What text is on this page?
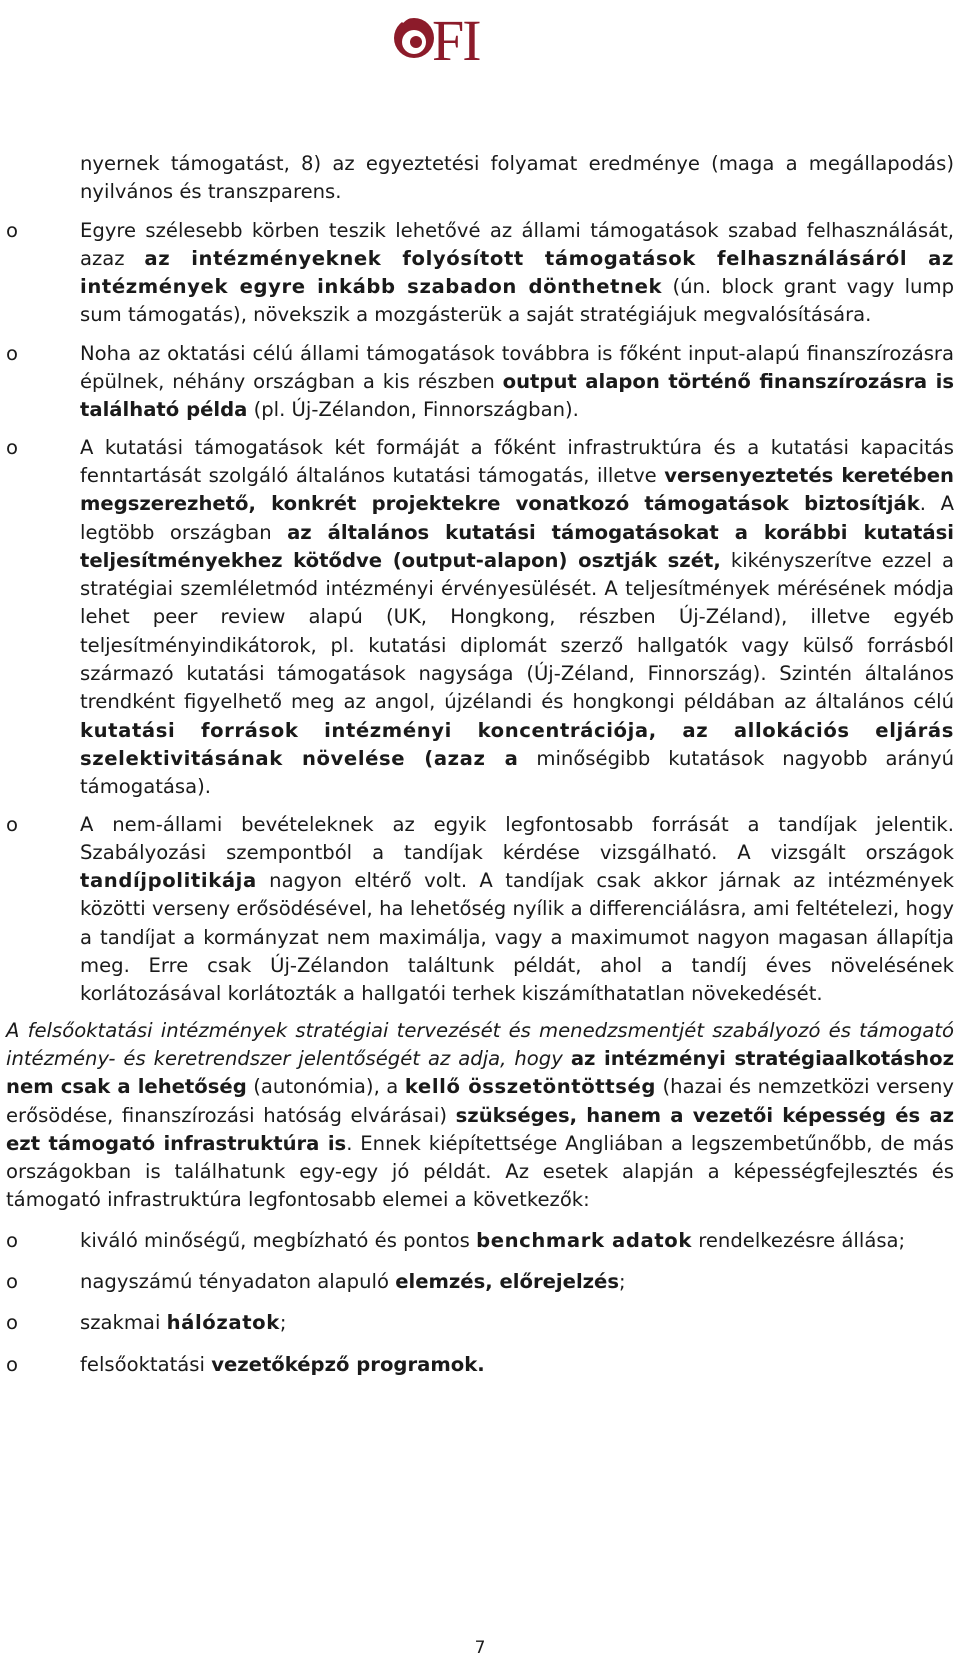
FI
nyernek támogatást, 8) az egyeztetési folyamat eredménye (maga a megállapodás) nyilvános és transzparens.
o	Egyre szélesebb körben teszik lehetővé az állami támogatások szabad felhasználását, azaz az intézményeknek folyósított támogatások felhasználásáról az intézmények egyre inkább szabadon dönthetnek (ún. block grant vagy lump sum támogatás), növekszik a mozgásterük a saját stratégiájuk megvalósítására.
o	Noha az oktatási célú állami támogatások továbbra is főként input-alapú finanszírozásra épülnek, néhány országban a kis részben output alapon történő finanszírozásra is található példa (pl. Új-Zélandon, Finnországban).
o	A kutatási támogatások két formáját a főként infrastruktúra és a kutatási kapacitás fenntartását szolgáló általános kutatási támogatás, illetve versenyeztetés keretében megszerezhető, konkrét projektekre vonatkozó támogatások biztosítják. A legtöbb országban az általános kutatási támogatásokat a korábbi kutatási teljesítményekhez kötődve (output-alapon) osztják szét, kikényszerítve ezzel a stratégiai szemléletmód intézményi érvényesülését. A teljesítmények mérésének módja lehet peer review alapú (UK, Hongkong, részben Új-Zéland), illetve egyéb teljesítményindikátorok, pl. kutatási diplomát szerző hallgatók vagy külső forrásból származó kutatási támogatások nagysága (Új-Zéland, Finnország). Szintén általános trendként figyelhető meg az angol, újzélandi és hongkongi példában az általános célú kutatási források intézményi koncentrációja, az allokációs eljárás szelektivitásának növelése (azaz a minőségibb kutatások nagyobb arányú támogatása).
o	A nem-állami bevételeknek az egyik legfontosabb forrását a tandíjak jelentik. Szabályozási szempontból a tandíjak kérdése vizsgálható. A vizsgált országok tandíjpolitikája nagyon eltérő volt. A tandíjak csak akkor járnak az intézmények közötti verseny erősödésével, ha lehetőség nyílik a differenciálásra, ami feltételezi, hogy a tandíjat a kormányzat nem maximálja, vagy a maximumot nagyon magasan állapítja meg. Erre csak Új-Zélandon találtunk példát, ahol a tandíj éves növelésének korlátozásával korlátozták a hallgatói terhek kiszámíthatatlan növekedését.
A felsőoktatási intézmények stratégiai tervezését és menedzsmentjét szabályozó és támogató intézmény- és keretrendszer jelentőségét az adja, hogy az intézményi stratégiaalkotáshoz nem csak a lehetőség (autonómia), a kellő összetöntöttség (hazai és nemzetközi verseny erősödése, finanszírozási hatóság elvárásai) szükséges, hanem a vezetői képesség és az ezt támogató infrastruktúra is. Ennek kiépítettsége Angliában a legszembetűnőbb, de más országokban is találhatunk egy-egy jó példát. Az esetek alapján a képességfejlesztés és támogató infrastruktúra legfontosabb elemei a következők:
o	kiváló minőségű, megbízható és pontos benchmark adatok rendelkezésre állása;
o	nagyszámú tényadaton alapuló elemzés, előrejelzés;
o	szakmai hálózatok;
o	felsőoktatási vezetőképző programok.
7
